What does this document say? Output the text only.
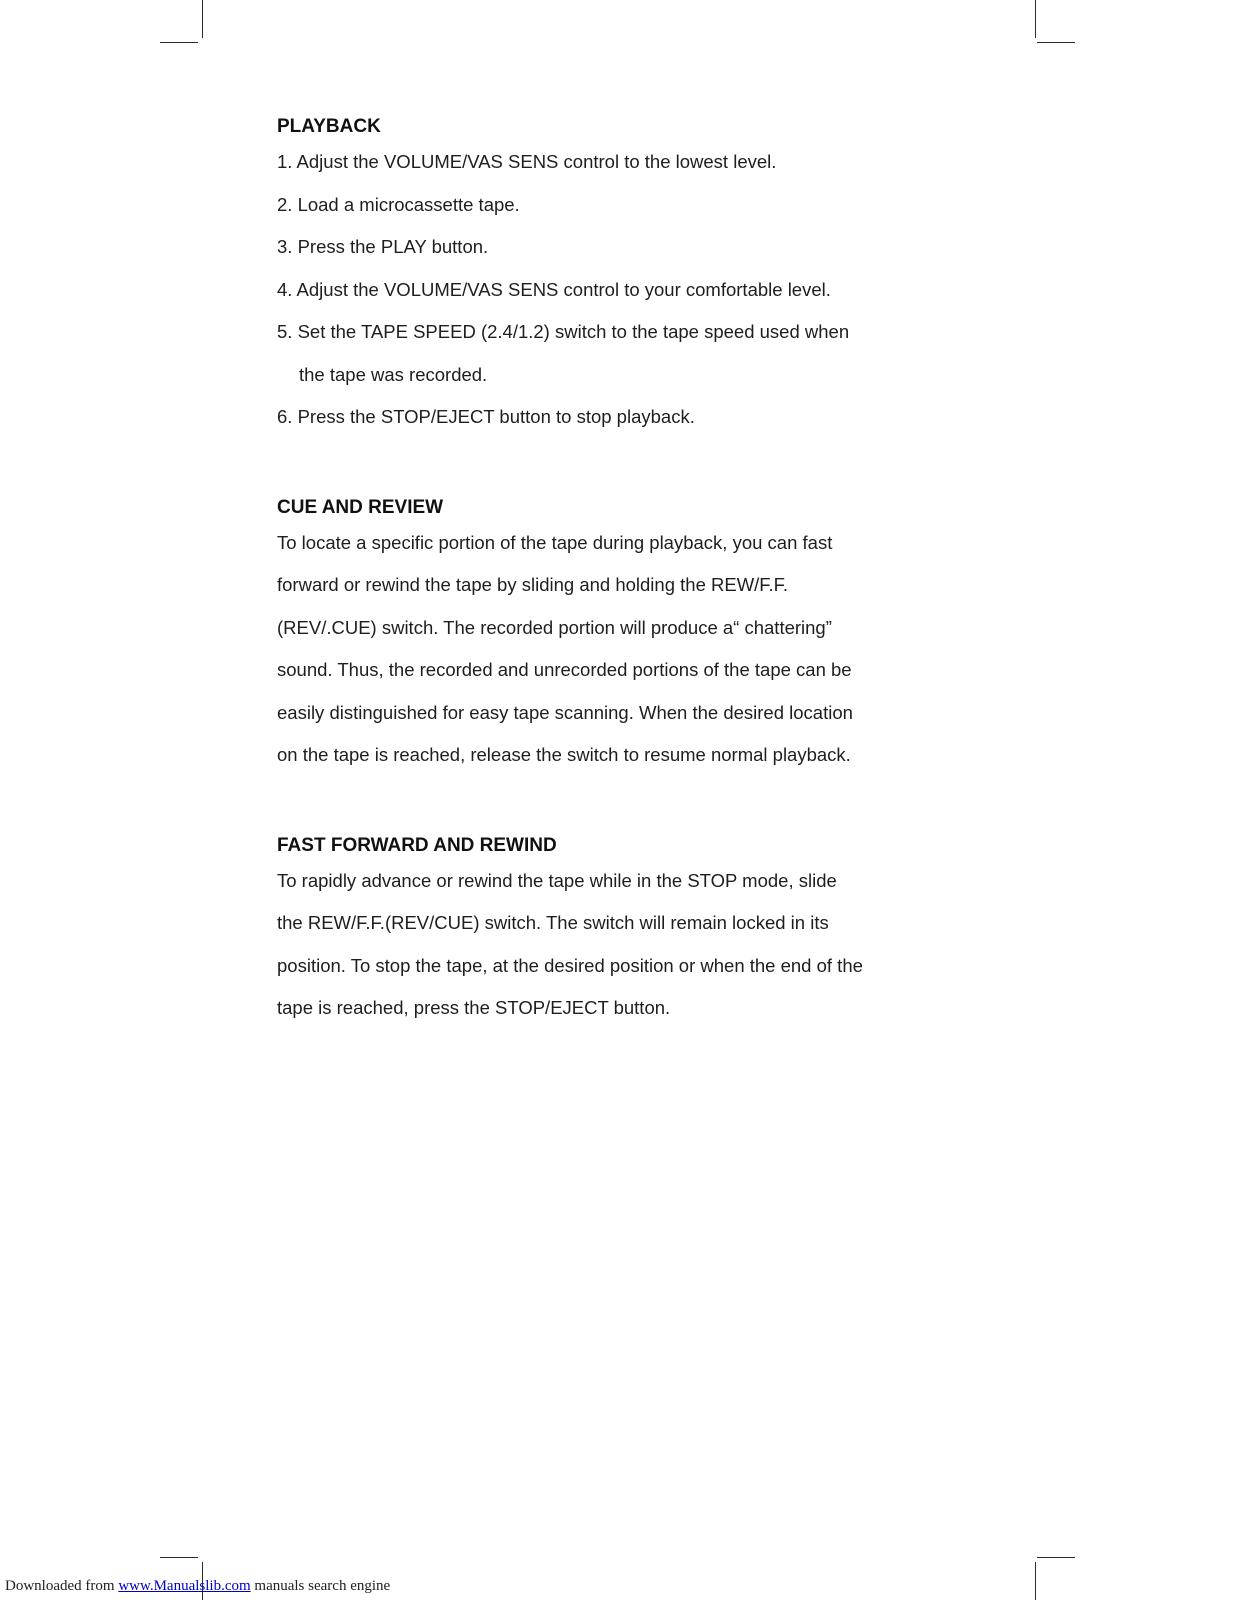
PLAYBACK

1. Adjust the VOLUME/VAS SENS control to the lowest level.

2. Load a microcassette tape.

3. Press the PLAY button.

4. Adjust the VOLUME/VAS SENS control to your comfortable level.

5. Set the TAPE SPEED (2.4/1.2) switch to the tape speed used when

the tape was recorded.

6. Press the STOP/EJECT button to stop playback.

CUE AND REVIEW

To locate a specific portion of the tape during playback, you can fast

forward or rewind the tape by sliding and holding the REW/F.F.

(REV/.CUE) switch. The recorded portion will produce a“ chattering”

sound. Thus, the recorded and unrecorded portions of the tape can be

easily distinguished for easy tape scanning. When the desired location

on the tape is reached, release the switch to resume normal playback.

FAST FORWARD AND REWIND

To rapidly advance or rewind the tape while in the STOP mode, slide

the REW/F.F.(REV/CUE) switch. The switch will remain locked in its

position. To stop the tape, at the desired position or when the end of the

tape is reached, press the STOP/EJECT button.

Downloaded from www.Manualslib.com manuals search engine
